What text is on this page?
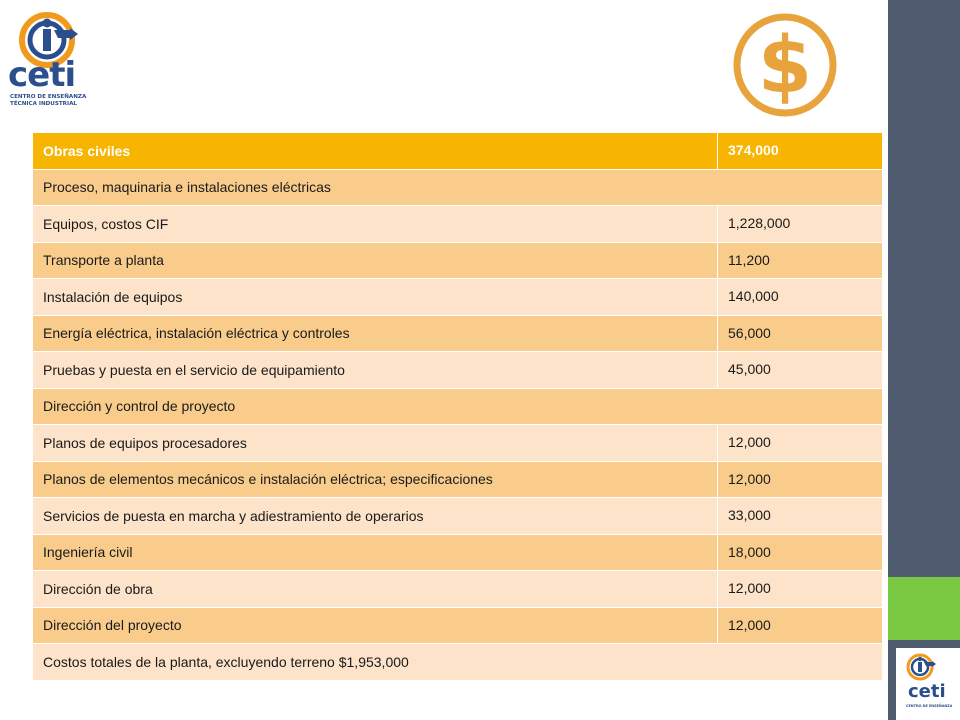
ceti
CENTRO DE ENSEÑANZA
TÉCNICA INDUSTRIAL	$
Obras civiles	374,000
Proceso, maquinaria e instalaciones eléctricas	
Equipos, costos CIF	1,228,000
Transporte a planta	11,200
Instalación de equipos	140,000
Energía eléctrica, instalación eléctrica y controles	56,000
Pruebas y puesta en el servicio de equipamiento	45,000
Dirección y control de proyecto	
Planos de equipos procesadores	12,000
Planos de elementos mecánicos e instalación eléctrica; especificaciones	12,000
Servicios de puesta en marcha y adiestramiento de operarios	33,000
Ingeniería civil	18,000
Dirección de obra	12,000
Dirección del proyecto	12,000
Costos totales de la planta, excluyendo terreno $1,953,000	
ceti
CENTRO DE ENSEÑANZA
